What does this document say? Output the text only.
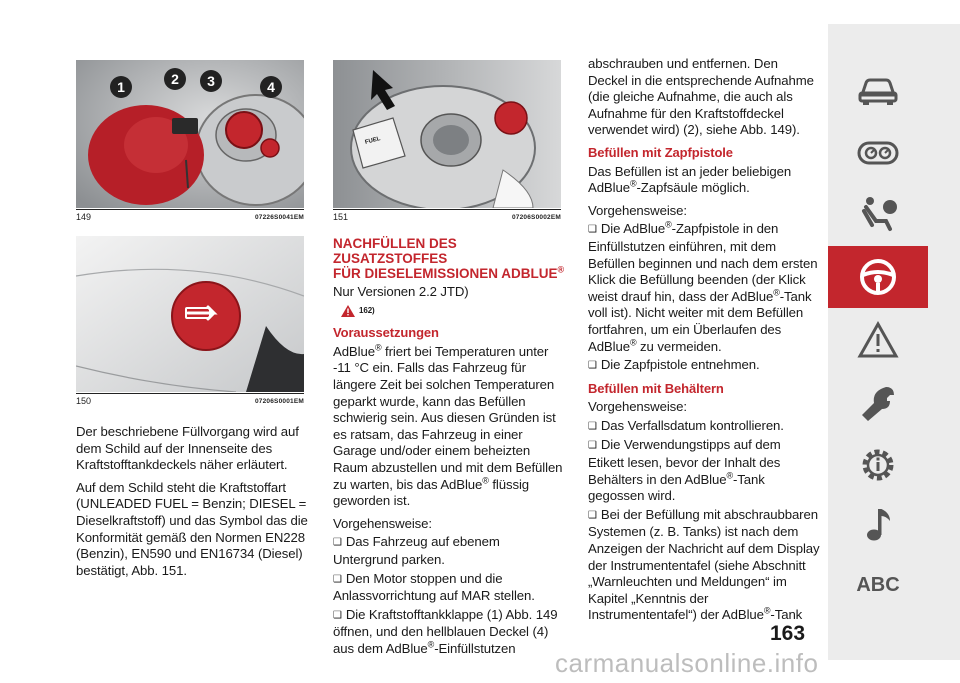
1	2	3	4
149	07226S0041EM
150	07206S0001EM
FUEL
151	07206S0002EM

Der beschriebene Füllvorgang wird auf dem Schild auf der Innenseite des Kraftstofftankdeckels näher erläutert.

Auf dem Schild steht die Kraftstoffart (UNLEADED FUEL = Benzin; DIESEL = Dieselkraftstoff) und das Symbol das die Konformität gemäß den Normen EN228 (Benzin), EN590 und EN16734 (Diesel) bestätigt, Abb. 151.

NACHFÜLLEN DES ZUSATZSTOFFES
FÜR DIESELEMISSIONEN ADBLUE®

Nur Versionen 2.2 JTD)

162)
Voraussetzungen

AdBlue® friert bei Temperaturen unter -11 °C ein. Falls das Fahrzeug für längere Zeit bei solchen Temperaturen geparkt wurde, kann das Befüllen schwierig sein. Aus diesen Gründen ist es ratsam, das Fahrzeug in einer Garage und/oder einem beheizten Raum abzustellen und mit dem Befüllen zu warten, bis das AdBlue® flüssig geworden ist.

Vorgehensweise:

❑ Das Fahrzeug auf ebenem Untergrund parken.

❑ Den Motor stoppen und die Anlassvorrichtung auf MAR stellen.

❑ Die Kraftstofftankklappe (1) Abb. 149 öffnen, und den hellblauen Deckel (4) aus dem AdBlue®-Einfüllstutzen

abschrauben und entfernen. Den Deckel in die entsprechende Aufnahme (die gleiche Aufnahme, die auch als Aufnahme für den Kraftstoffdeckel verwendet wird) (2), siehe Abb. 149).

Befüllen mit Zapfpistole

Das Befüllen ist an jeder beliebigen AdBlue®-Zapfsäule möglich.

Vorgehensweise:

❑ Die AdBlue®-Zapfpistole in den Einfüllstutzen einführen, mit dem Befüllen beginnen und nach dem ersten Klick die Befüllung beenden (der Klick weist drauf hin, dass der AdBlue®-Tank voll ist). Nicht weiter mit dem Befüllen fortfahren, um ein Überlaufen des AdBlue® zu vermeiden.

❑ Die Zapfpistole entnehmen.

Befüllen mit Behältern

Vorgehensweise:

❑ Das Verfallsdatum kontrollieren.

❑ Die Verwendungstipps auf dem Etikett lesen, bevor der Inhalt des Behälters in den AdBlue®-Tank gegossen wird.

❑ Bei der Befüllung mit abschraubbaren Systemen (z. B. Tanks) ist nach dem Anzeigen der Nachricht auf dem Display der Instrumententafel (siehe Abschnitt „Warnleuchten und Meldungen“ im Kapitel „Kenntnis der Instrumententafel“) der AdBlue®-Tank

ABC
163
carmanualsonline.info
